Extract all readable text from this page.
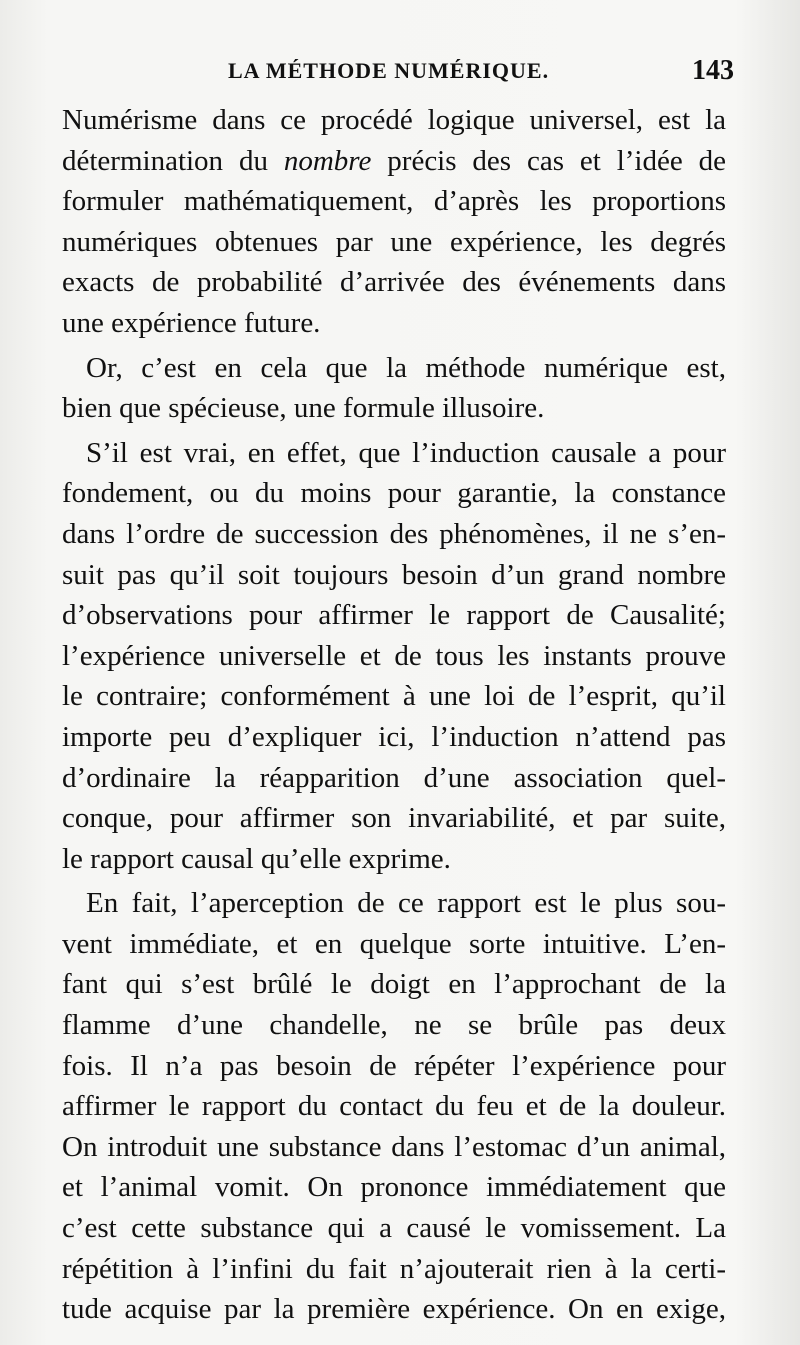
LA MÉTHODE NUMÉRIQUE.	143
Numérisme dans ce procédé logique universel, est la
détermination du nombre précis des cas et l’idée de
formuler mathématiquement, d’après les proportions
numériques obtenues par une expérience, les degrés
exacts de probabilité d’arrivée des événements dans
une expérience future.
Or, c’est en cela que la méthode numérique est,
bien que spécieuse, une formule illusoire.
S’il est vrai, en effet, que l’induction causale a pour
fondement, ou du moins pour garantie, la constance
dans l’ordre de succession des phénomènes, il ne s’en-
suit pas qu’il soit toujours besoin d’un grand nombre
d’observations pour affirmer le rapport de Causalité;
l’expérience universelle et de tous les instants prouve
le contraire; conformément à une loi de l’esprit, qu’il
importe peu d’expliquer ici, l’induction n’attend pas
d’ordinaire la réapparition d’une association quel-
conque, pour affirmer son invariabilité, et par suite,
le rapport causal qu’elle exprime.
En fait, l’aperception de ce rapport est le plus sou-
vent immédiate, et en quelque sorte intuitive. L’en-
fant qui s’est brûlé le doigt en l’approchant de la
flamme d’une chandelle, ne se brûle pas deux
fois. Il n’a pas besoin de répéter l’expérience pour
affirmer le rapport du contact du feu et de la douleur.
On introduit une substance dans l’estomac d’un animal,
et l’animal vomit. On prononce immédiatement que
c’est cette substance qui a causé le vomissement. La
répétition à l’infini du fait n’ajouterait rien à la certi-
tude acquise par la première expérience. On en exige,
